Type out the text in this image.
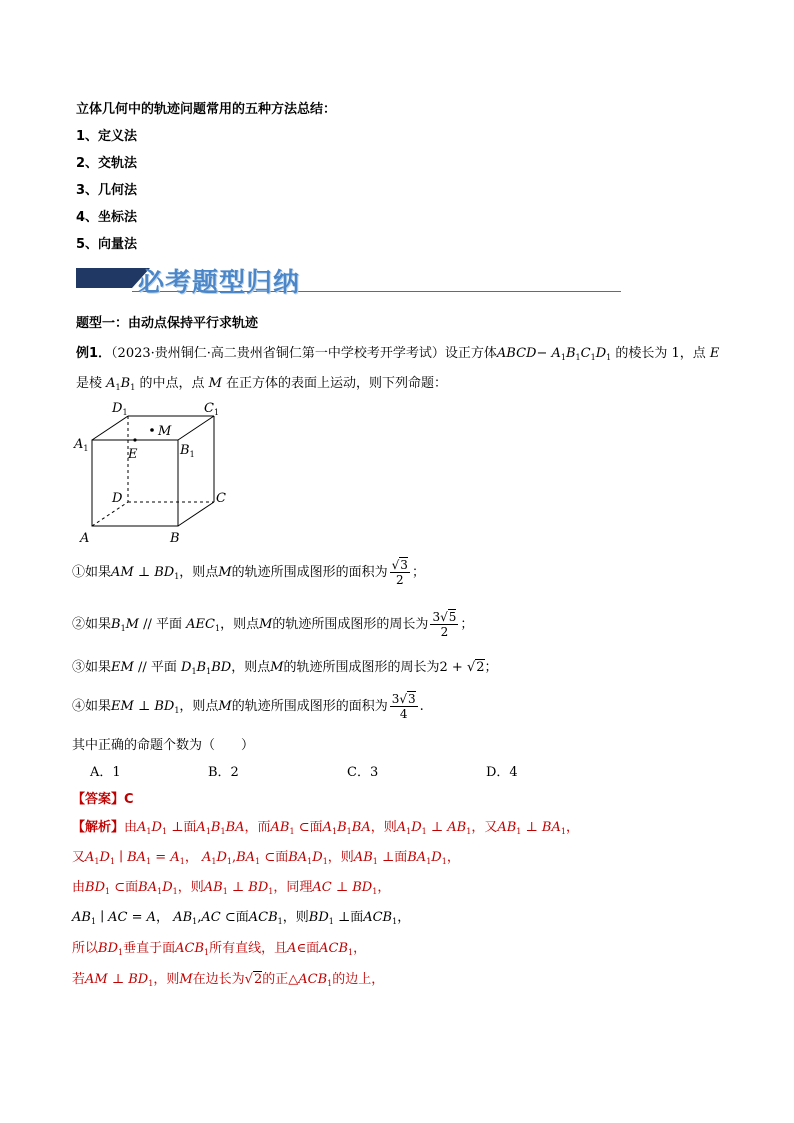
立体几何中的轨迹问题常用的五种方法总结：
1、定义法
2、交轨法
3、几何法
4、坐标法
5、向量法
必考题型归纳
题型一：由动点保持平行求轨迹
例1．（2023·贵州铜仁·高二贵州省铜仁第一中学校考开学考试）设正方体ABCD− $A_1B_1C_1D_1$ 的棱长为 1，点 E
是棱 $A_1B_1$ 的中点，点 M 在正方体的表面上运动，则下列命题：
$D_1$	$C_1$
$A_1$	$B_1$
M
E
D	C
A	B
①如果AM ⊥ $BD_1$，则点M的轨迹所围成图形的面积为 $\frac{√3}{2}$ ；
②如果$B_1M$ // 平面 $AEC_1$，则点M的轨迹所围成图形的周长为 $\frac{3√5}{2}$ ；
③如果EM // 平面 $D_1B_1BD$，则点M的轨迹所围成图形的周长为2 + √2；
④如果EM ⊥ $BD_1$，则点M的轨迹所围成图形的面积为 $\frac{3√3}{4}$ .
其中正确的命题个数为（　　）
A．1	B．2	C．3	D．4
【答案】C
【解析】由$A_1D_1$ ⊥面$A_1B_1BA$，而$AB_1$ ⊂面$A_1B_1BA$，则$A_1D_1$ ⊥ $AB_1$，又$AB_1$ ⊥ $BA_1$，
又$A_1D_1$ ∣ $BA_1 = A_1$， $A_1D_1,BA_1$ ⊂面$BA_1D_1$，则$AB_1$ ⊥面$BA_1D_1$，
由$BD_1$ ⊂面$BA_1D_1$，则$AB_1$ ⊥ $BD_1$，同理AC ⊥ $BD_1$，
$AB_1$ ∣ AC = A， $AB_1,AC$ ⊂面$ACB_1$，则$BD_1$ ⊥面$ACB_1$，
所以$BD_1$垂直于面$ACB_1$所有直线，且A∈面$ACB_1$，
若AM ⊥ $BD_1$，则M在边长为√2的正$\triangle ACB_1$的边上，
